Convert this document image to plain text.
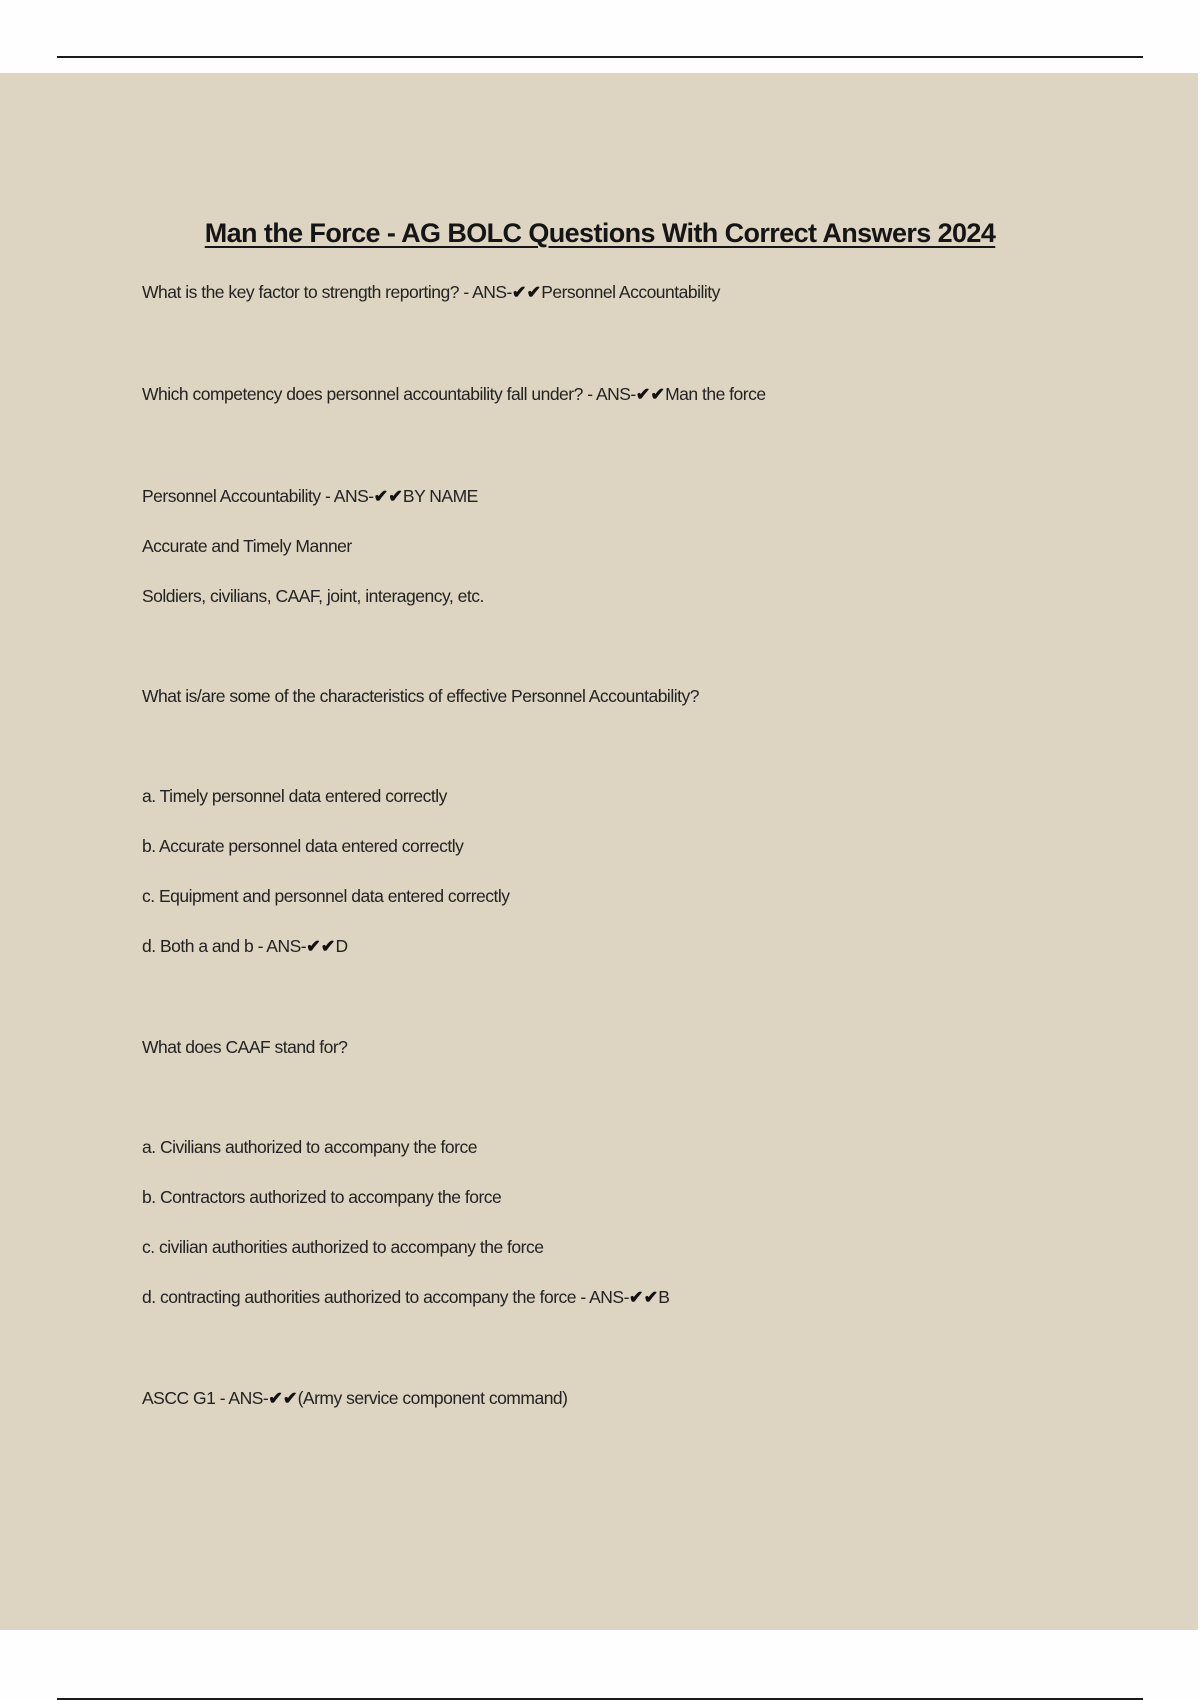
Man the Force - AG BOLC Questions With Correct Answers 2024
What is the key factor to strength reporting? - ANS-✔✔Personnel Accountability
Which competency does personnel accountability fall under? - ANS-✔✔Man the force
Personnel Accountability - ANS-✔✔BY NAME
Accurate and Timely Manner
Soldiers, civilians, CAAF, joint, interagency, etc.
What is/are some of the characteristics of effective Personnel Accountability?
a. Timely personnel data entered correctly
b. Accurate personnel data entered correctly
c. Equipment and personnel data entered correctly
d. Both a and b - ANS-✔✔D
What does CAAF stand for?
a. Civilians authorized to accompany the force
b. Contractors authorized to accompany the force
c. civilian authorities authorized to accompany the force
d. contracting authorities authorized to accompany the force - ANS-✔✔B
ASCC G1 - ANS-✔✔(Army service component command)
